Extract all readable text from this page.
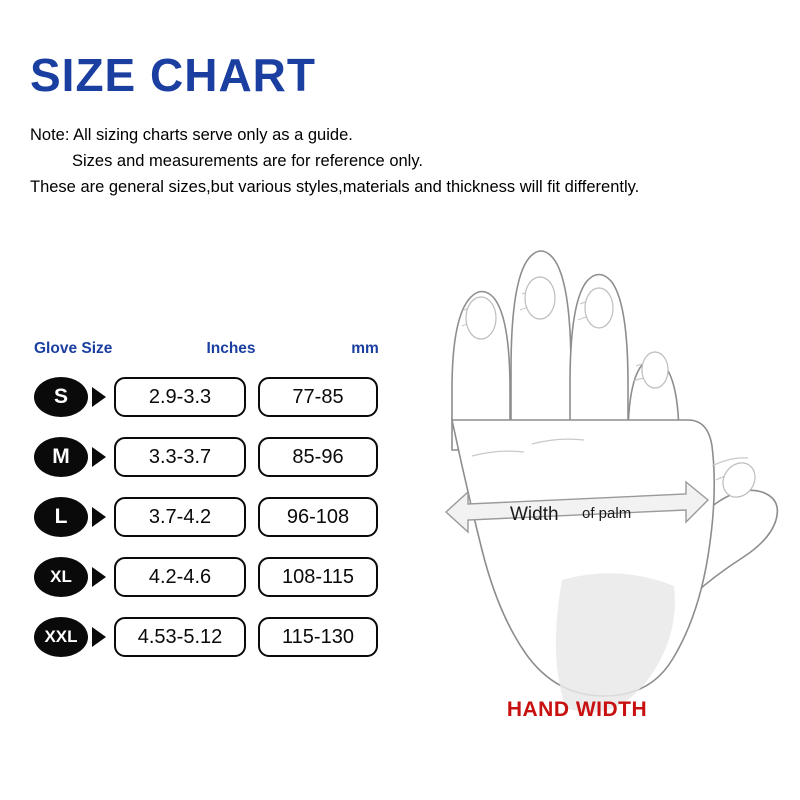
SIZE CHART
Note: All sizing charts serve only as a guide.
Sizes and measurements are for reference only.
These are general sizes,but various styles,materials and thickness will fit differently.
Glove Size	Inches	mm
S	2.9-3.3	77-85
M	3.3-3.7	85-96
L	3.7-4.2	96-108
XL	4.2-4.6	108-115
XXL	4.53-5.12	115-130
Width of palm
HAND WIDTH
